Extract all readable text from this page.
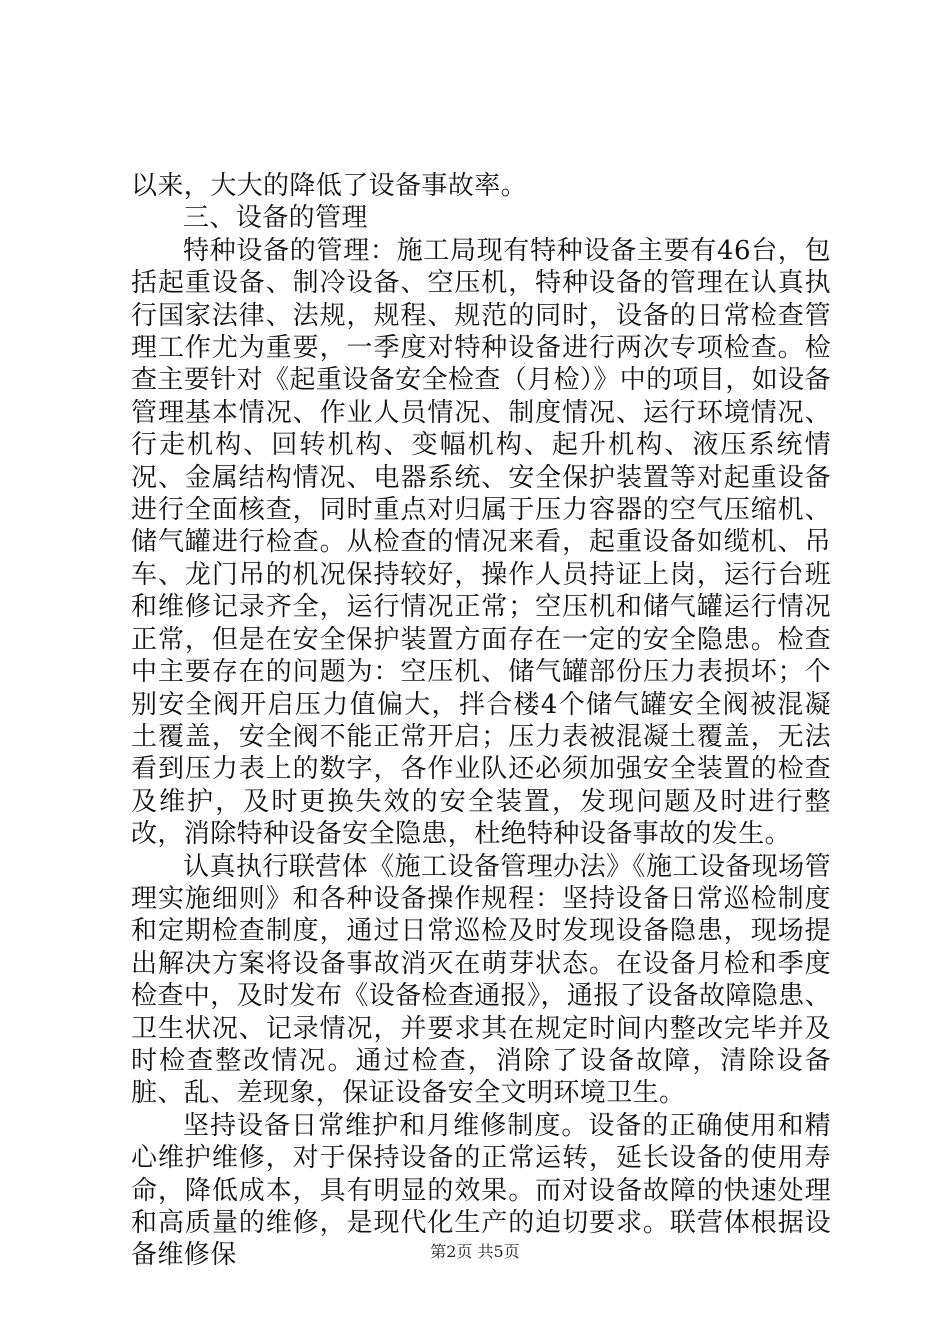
以来，大大的降低了设备事故率。

三、设备的管理

特种设备的管理：施工局现有特种设备主要有46台，包括起重设备、制冷设备、空压机，特种设备的管理在认真执行国家法律、法规，规程、规范的同时，设备的日常检查管理工作尤为重要，一季度对特种设备进行两次专项检查。检查主要针对《起重设备安全检查（月检）》中的项目，如设备管理基本情况、作业人员情况、制度情况、运行环境情况、行走机构、回转机构、变幅机构、起升机构、液压系统情况、金属结构情况、电器系统、安全保护装置等对起重设备进行全面核查，同时重点对归属于压力容器的空气压缩机、储气罐进行检查。从检查的情况来看，起重设备如缆机、吊车、龙门吊的机况保持较好，操作人员持证上岗，运行台班和维修记录齐全，运行情况正常；空压机和储气罐运行情况正常，但是在安全保护装置方面存在一定的安全隐患。检查中主要存在的问题为：空压机、储气罐部份压力表损坏；个别安全阀开启压力值偏大，拌合楼4个储气罐安全阀被混凝土覆盖，安全阀不能正常开启；压力表被混凝土覆盖，无法看到压力表上的数字，各作业队还必须加强安全装置的检查及维护，及时更换失效的安全装置，发现问题及时进行整改，消除特种设备安全隐患，杜绝特种设备事故的发生。

认真执行联营体《施工设备管理办法》《施工设备现场管理实施细则》和各种设备操作规程：坚持设备日常巡检制度和定期检查制度，通过日常巡检及时发现设备隐患，现场提出解决方案将设备事故消灭在萌芽状态。在设备月检和季度检查中，及时发布《设备检查通报》，通报了设备故障隐患、卫生状况、记录情况，并要求其在规定时间内整改完毕并及时检查整改情况。通过检查，消除了设备故障，清除设备脏、乱、差现象，保证设备安全文明环境卫生。

坚持设备日常维护和月维修制度。设备的正确使用和精心维护维修，对于保持设备的正常运转，延长设备的使用寿命，降低成本，具有明显的效果。而对设备故障的快速处理和高质量的维修，是现代化生产的迫切要求。联营体根据设备维修保	第2页 共5页
